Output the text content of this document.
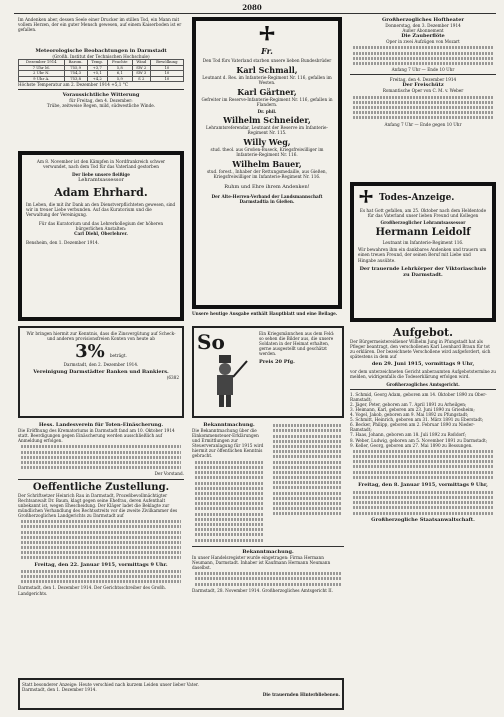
2080
Im Andenken aber, dessen Seele einer Drucker im stillen Tod, ein Mann mit vollem Herzen, der ein guter Mensch gewesen, auf einem Kaiserboden ist er gefallen.
Meteorologische Beobachtungen in Darmstadt
(Großh. Institut der Technischen Hochschule)
Dezember 1914	Barom.	Temp.	Feuchte	Wind	Bewölkung
7 Uhr M.	755,9	+3,7	5,8	SW 2	10
2 Uhr N.	754,3	+5,1	6,1	SW 3	10
9 Uhr A.	753,8	+4,2	5,9	S 2	10
Höchste Temperatur am 2. Dezember 1914 +5,1 °C
Voraussichtliche Witterung
für Freitag, den 4. Dezember:
Trübe, zeitweise Regen, mild, südwestliche Winde.
Am 8. November ist den Kämpfen in Nordfrankreich schwer verwundet, nach dem Tod für das Vaterland gestorben
Der liebe unsere fleißige
Lehramtsassessor
Adam Ehrhard.
Im Leben, die mit ihr Dank an den Dienstverpflichteten gewesen, sind wir in treuer Liebe verbunden. Auf das Kuratorium und die Verwaltung der Vereinigung.
Für das Kuratorium und das Lehrerkollegium der höheren bürgerlichen Anstalten:
Carl Diehl, Oberlehrer.
Bensheim, den 1. Dezember 1914.
Fr.
Den Tod fürs Vaterland starben unsere lieben Bundesbrüder
Karl Schmall,
Leutnant d. Res. im Infanterie-Regiment Nr. 116, gefallen im Westen.
Karl Gärtner,
Gefreiter im Reserve-Infanterie-Regiment Nr. 116, gefallen in Flandern.
Dr. phil.
Wilhelm Schneider,
Lehramtsreferendar, Leutnant der Reserve im Infanterie-Regiment Nr. 115.
Willy Weg,
stud. theol. aus Großen-Buseck, Kriegsfreiwilliger im Infanterie-Regiment Nr. 116.
Wilhelm Bauer,
stud. forest., Inhaber der Rettungsmedaille, aus Gießen, Kriegsfreiwilliger im Infanterie-Regiment Nr. 116.
Ruhm und Ehre ihrem Andenken!
Der Alte-Herren-Verband der Landsmannschaft Darmstadtia in Gießen.
Unsere heutige Ausgabe enthält Hauptblatt und eine Beilage.
Großherzogliches Hoftheater
Donnerstag, den 3. Dezember 1914
Außer Abonnement
Die Zauberflöte
Oper in zwei Aufzügen von Mozart
Anfang 7 Uhr — Ende 10 Uhr
Freitag, den 4. Dezember 1914
Der Freischütz
Romantische Oper von C. M. v. Weber
Anfang 7 Uhr — Ende gegen 10 Uhr
Todes-Anzeige.
Es hat Gott gefallen, am 25. Oktober nach dem Heldentode für das Vaterland unser lieben Freund und Kollegen
Großherzoglicher Lehramtsassessor
Hermann Leidolf
Leutnant im Infanterie-Regiment 116.
Wir bewahren ihm ein dankbares Andenken und trauern um einen treuen Freund, der seinen Beruf mit Liebe und Hingabe ausübte.
Der trauernde Lehrkörper der Viktoriaschule zu Darmstadt.
Wir bringen hiermit zur Kenntnis, dass die Zinsvergütung auf Scheck- und anderen provisionsfreien Konten von heute ab
3% beträgt.
Darmstadt, den 2. Dezember 1914.
Vereinigung Darmstädter Banken und Bankiers.
(6382
So	Ein Kriegsmännchen aus dem Feld: so sehen die Bilder aus, die unsere Soldaten in der Heimat erhalten, gerne ausgestellt und geschätzt werden.
Preis 20 Pfg.
Aufgebot.
Der Bürgermeistereidiener Wilhelm Jung in Pfungstadt hat als Pfleger beantragt, den verschollenen Karl Leonhard Braun für tot zu erklären. Der bezeichnete Verschollene wird aufgefordert, sich spätestens in dem auf
den 29. Juni 1915, vormittags 9 Uhr,
vor dem unterzeichneten Gericht anberaumten Aufgebotstermine zu melden, widrigenfalls die Todeserklärung erfolgen wird.
Großherzogliches Amtsgericht.
1. Schmid, Georg Adam, geboren am 14. Oktober 1890 zu Ober-Ramstadt;
2. Jäger, Peter, geboren am 7. April 1891 zu Arheilgen;
3. Heimann, Karl, geboren am 23. Juni 1890 zu Griesheim;
4. Vogel, Jakob, geboren am 9. Mai 1892 zu Pfungstadt;
5. Schmitt, Heinrich, geboren am 31. März 1891 zu Eberstadt;
6. Becker, Philipp, geboren am 2. Februar 1890 zu Nieder-Ramstadt;
7. Haas, Johann, geboren am 18. Juli 1892 zu Roßdorf;
8. Weber, Ludwig, geboren am 5. November 1891 zu Darmstadt;
9. Keller, Georg, geboren am 27. Mai 1890 zu Bessungen.
Freitag, den 8. Januar 1915, vormittags 9 Uhr,
Großherzogliche Staatsanwaltschaft.
Hess. Landesverein für Toten-Einäscherung.
Die Eröffnung des Krematoriums in Darmstadt fand am 10. Oktober 1914 statt. Beerdigungen gegen Einäscherung werden ausschließlich auf Anmeldung erfolgen.
Der Vorstand.
Oeffentliche Zustellung.
Der Schriftsetzer Heinrich Rau in Darmstadt, Prozeßbevollmächtigter Rechtsanwalt Dr. Baum, klagt gegen seine Ehefrau, deren Aufenthalt unbekannt ist, wegen Ehescheidung. Der Kläger ladet die Beklagte zur mündlichen Verhandlung des Rechtsstreits vor die zweite Zivilkammer des Großherzoglichen Landgerichts zu Darmstadt auf
Freitag, den 22. Januar 1915, vormittags 9 Uhr.
Darmstadt, den 1. Dezember 1914. Der Gerichtsschreiber des Großh. Landgerichts.
Bekanntmachung.
Die Bekanntmachung über die Einkommensteuer-Erklärungen und Ermittlungen zur Steuerveranlagung für 1915 wird hiermit zur öffentlichen Kenntnis gebracht.
Bekanntmachung.
In unser Handelsregister wurde eingetragen: Firma Hermann Neumann, Darmstadt. Inhaber ist Kaufmann Hermann Neumann daselbst.
Darmstadt, 28. November 1914. Großherzogliches Amtsgericht II.
Statt besonderer Anzeige: Heute verschied nach kurzem Leiden unser lieber Vater.
Darmstadt, den 1. Dezember 1914.
Die trauernden Hinterbliebenen.
